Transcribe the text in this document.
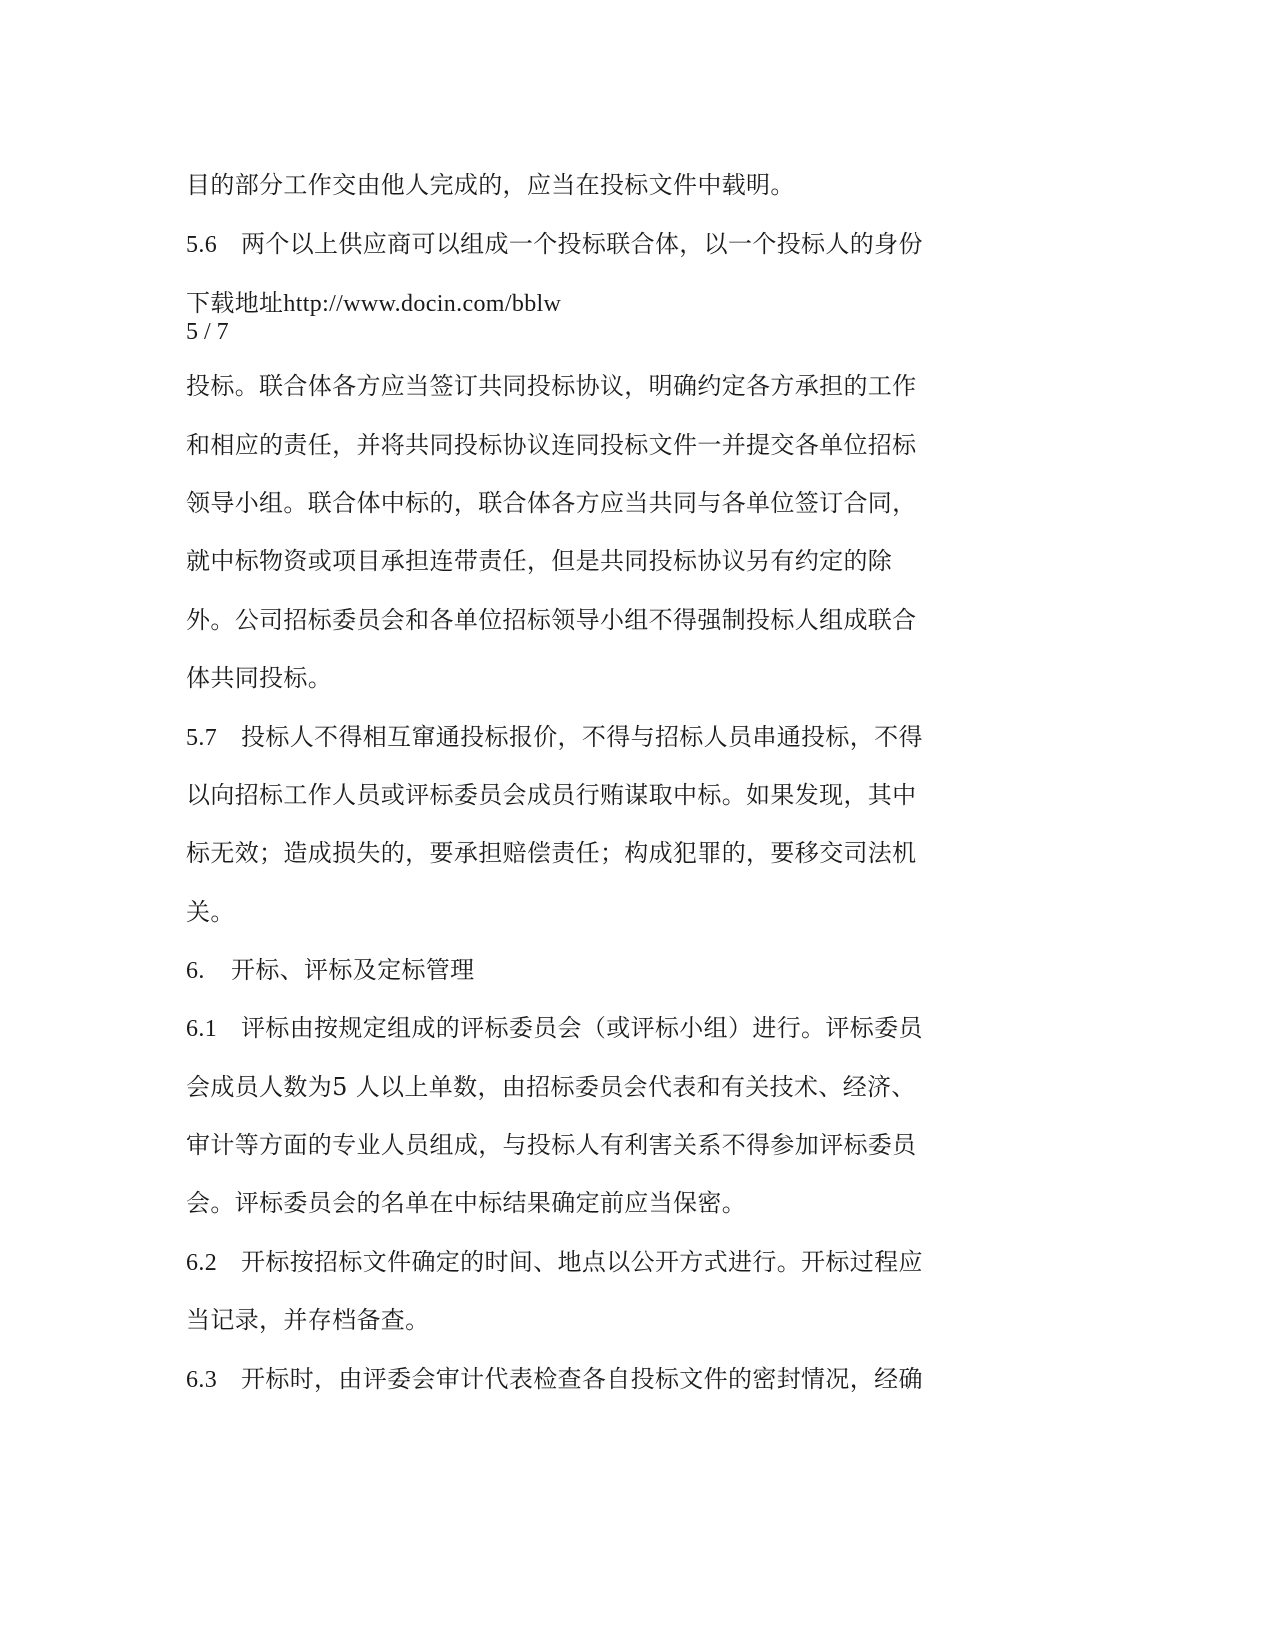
目的部分工作交由他人完成的，应当在投标文件中载明。

5.6 两个以上供应商可以组成一个投标联合体，以一个投标人的身份

下载地址http://www.docin.com/bblw

5 / 7

投标。联合体各方应当签订共同投标协议，明确约定各方承担的工作

和相应的责任，并将共同投标协议连同投标文件一并提交各单位招标

领导小组。联合体中标的，联合体各方应当共同与各单位签订合同，

就中标物资或项目承担连带责任，但是共同投标协议另有约定的除

外。公司招标委员会和各单位招标领导小组不得强制投标人组成联合

体共同投标。

5.7 投标人不得相互窜通投标报价，不得与招标人员串通投标，不得

以向招标工作人员或评标委员会成员行贿谋取中标。如果发现，其中

标无效；造成损失的，要承担赔偿责任；构成犯罪的，要移交司法机

关。

6. 开标、评标及定标管理

6.1 评标由按规定组成的评标委员会（或评标小组）进行。评标委员

会成员人数为5 人以上单数，由招标委员会代表和有关技术、经济、

审计等方面的专业人员组成，与投标人有利害关系不得参加评标委员

会。评标委员会的名单在中标结果确定前应当保密。

6.2 开标按招标文件确定的时间、地点以公开方式进行。开标过程应

当记录，并存档备查。

6.3 开标时，由评委会审计代表检查各自投标文件的密封情况，经确
